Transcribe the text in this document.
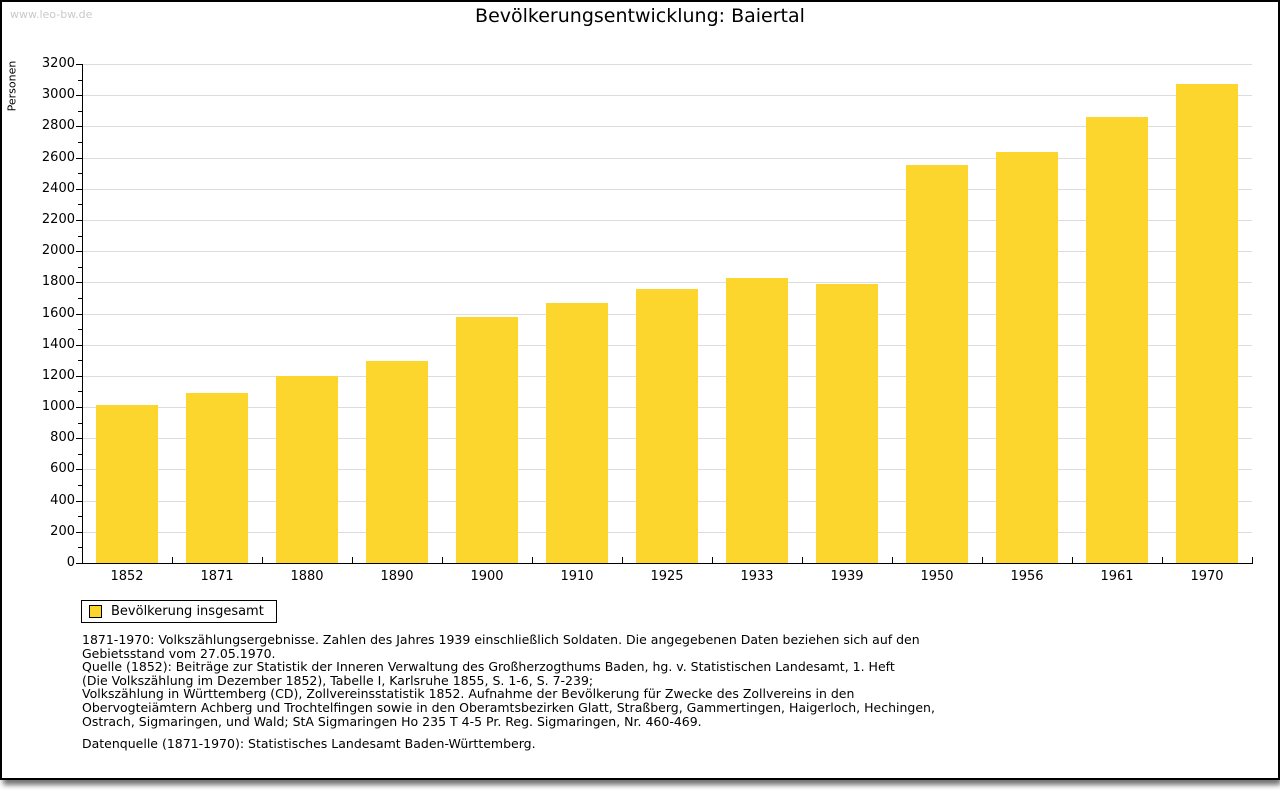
www.leo-bw.de	Bevölkerungsentwicklung: Baiertal
Personen
0
200
400
600
800
1000
1200
1400
1600
1800
2000
2200
2400
2600
2800
3000
3200
1852	1871	1880	1890	1900	1910	1925	1933	1939	1950	1956	1961	1970
Bevölkerung insgesamt
1871-1970: Volkszählungsergebnisse. Zahlen des Jahres 1939 einschließlich Soldaten. Die angegebenen Daten beziehen sich auf den
Gebietsstand vom 27.05.1970.
Quelle (1852): Beiträge zur Statistik der Inneren Verwaltung des Großherzogthums Baden, hg. v. Statistischen Landesamt, 1. Heft
(Die Volkszählung im Dezember 1852), Tabelle I, Karlsruhe 1855, S. 1-6, S. 7-239;
Volkszählung in Württemberg (CD), Zollvereinsstatistik 1852. Aufnahme der Bevölkerung für Zwecke des Zollvereins in den
Obervogteiämtern Achberg und Trochtelfingen sowie in den Oberamtsbezirken Glatt, Straßberg, Gammertingen, Haigerloch, Hechingen,
Ostrach, Sigmaringen, und Wald; StA Sigmaringen Ho 235 T 4-5 Pr. Reg. Sigmaringen, Nr. 460-469.
Datenquelle (1871-1970): Statistisches Landesamt Baden-Württemberg.
